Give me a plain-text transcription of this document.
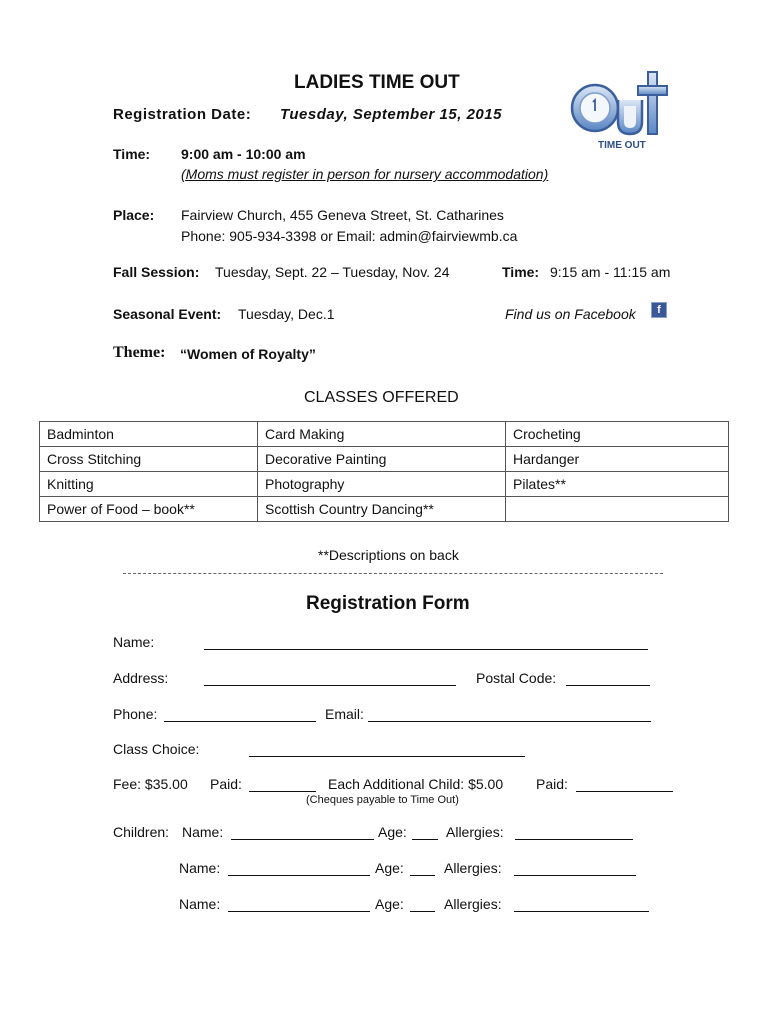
LADIES TIME OUT
Registration Date: Tuesday, September 15, 2015
TIME OUT
Time: 9:00 am - 10:00 am
(Moms must register in person for nursery accommodation)
Place: Fairview Church, 455 Geneva Street, St. Catharines
Phone: 905-934-3398 or Email: admin@fairviewmb.ca
Fall Session: Tuesday, Sept. 22 – Tuesday, Nov. 24	Time: 9:15 am - 11:15 am
Seasonal Event: Tuesday, Dec.1	Find us on Facebook	f
Theme: “Women of Royalty”
CLASSES OFFERED
Badminton	Card Making	Crocheting
Cross Stitching	Decorative Painting	Hardanger
Knitting	Photography	Pilates**
Power of Food – book**	Scottish Country Dancing**	
**Descriptions on back
Registration Form
Name:
Address:	Postal Code:
Phone:	Email:
Class Choice:
Fee: $35.00 Paid:	Each Additional Child: $5.00 Paid:
(Cheques payable to Time Out)
Children: Name:	Age:	Allergies:
Name:	Age:	Allergies:
Name:	Age:	Allergies:
